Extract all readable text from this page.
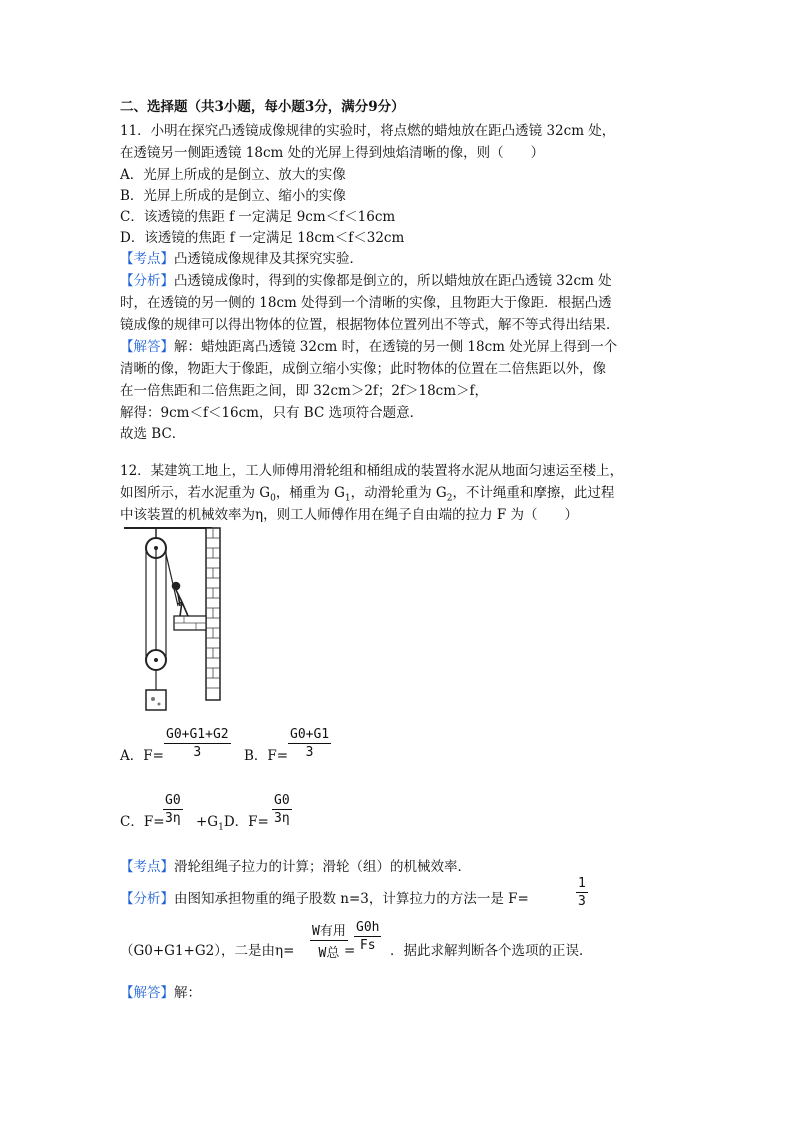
二、选择题（共3小题，每小题3分，满分9分）
11．小明在探究凸透镜成像规律的实验时，将点燃的蜡烛放在距凸透镜 32cm 处，
在透镜另一侧距透镜 18cm 处的光屏上得到烛焰清晰的像，则（　　）
A．光屏上所成的是倒立、放大的实像
B．光屏上所成的是倒立、缩小的实像
C．该透镜的焦距 f 一定满足 9cm＜f＜16cm
D．该透镜的焦距 f 一定满足 18cm＜f＜32cm
【考点】凸透镜成像规律及其探究实验．
【分析】凸透镜成像时，得到的实像都是倒立的，所以蜡烛放在距凸透镜 32cm 处
时，在透镜的另一侧的 18cm 处得到一个清晰的实像，且物距大于像距．根据凸透
镜成像的规律可以得出物体的位置，根据物体位置列出不等式，解不等式得出结果．
【解答】解：蜡烛距离凸透镜 32cm 时，在透镜的另一侧 18cm 处光屏上得到一个
清晰的像，物距大于像距，成倒立缩小实像；此时物体的位置在二倍焦距以外，像
在一倍焦距和二倍焦距之间，即 32cm＞2f；2f＞18cm＞f，
解得：9cm＜f＜16cm，只有 BC 选项符合题意．
故选 BC．
12．某建筑工地上，工人师傅用滑轮组和桶组成的装置将水泥从地面匀速运至楼上，
如图所示，若水泥重为 $G_0$，桶重为 $G_1$，动滑轮重为 $G_2$，不计绳重和摩擦，此过程
中该装置的机械效率为η，则工人师傅作用在绳子自由端的拉力 F 为（　　）
A．F=
G0+G1+G2
3	B．F=
G0+G1
3
C．F=
G0
$3\eta +G_1D$．F=
G0
3η
【考点】滑轮组绳子拉力的计算；滑轮（组）的机械效率．
【分析】由图知承担物重的绳子股数 n=3，计算拉力的方法一是 F=
1
3
（G0+G1+G2），二是由η=
W有用
W总 =
G0h
Fs	．据此求解判断各个选项的正误．
【解答】解：
